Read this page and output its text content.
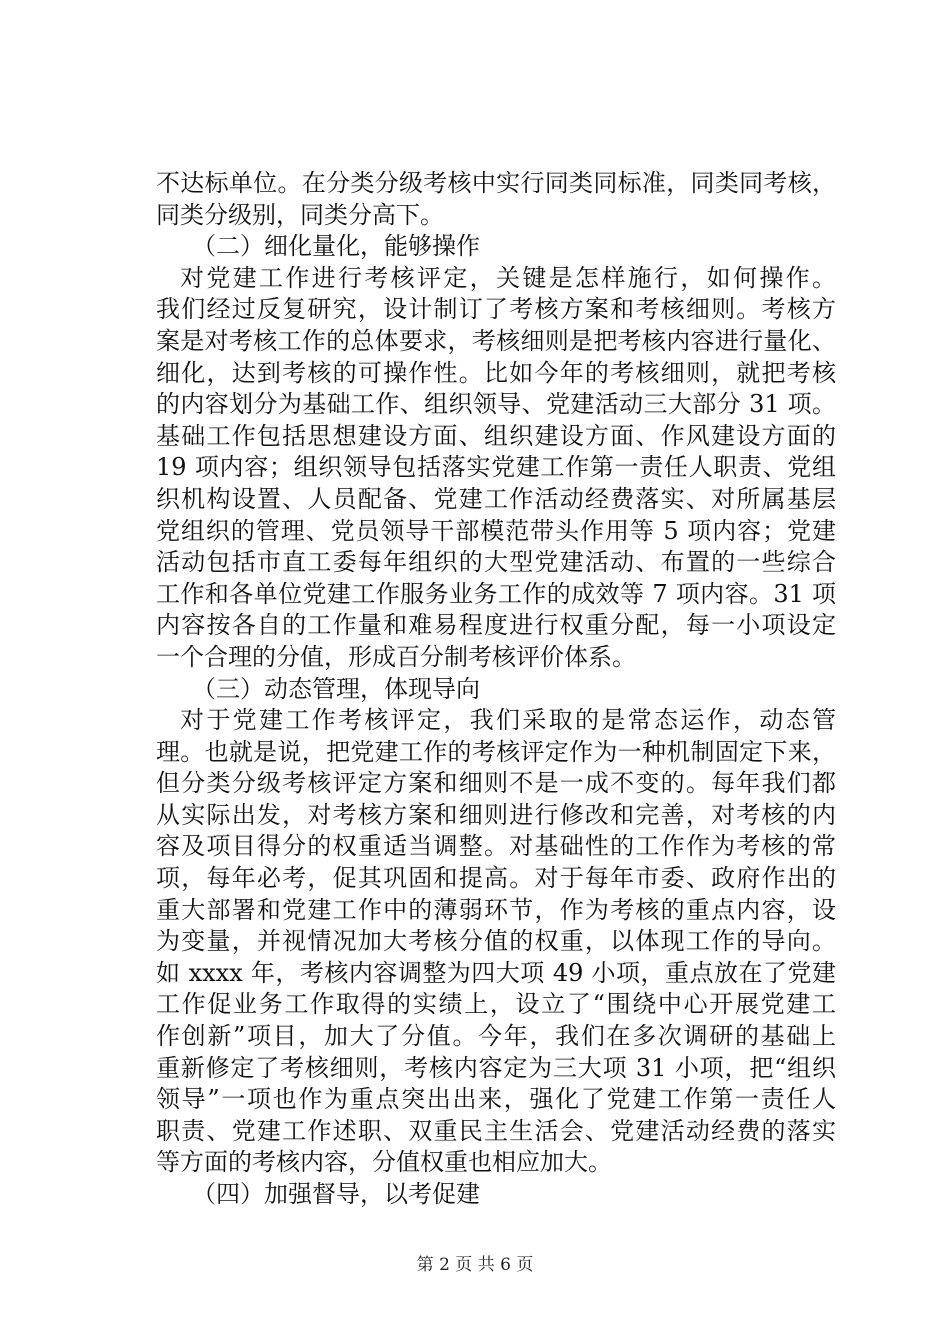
不达标单位。在分类分级考核中实行同类同标准，同类同考核，
同类分级别，同类分高下。
（二）细化量化，能够操作
对党建工作进行考核评定，关键是怎样施行，如何操作。
我们经过反复研究，设计制订了考核方案和考核细则。考核方
案是对考核工作的总体要求，考核细则是把考核内容进行量化、
细化，达到考核的可操作性。比如今年的考核细则，就把考核
的内容划分为基础工作、组织领导、党建活动三大部分 31 项。
基础工作包括思想建设方面、组织建设方面、作风建设方面的
19 项内容；组织领导包括落实党建工作第一责任人职责、党组
织机构设置、人员配备、党建工作活动经费落实、对所属基层
党组织的管理、党员领导干部模范带头作用等 5 项内容；党建
活动包括市直工委每年组织的大型党建活动、布置的一些综合
工作和各单位党建工作服务业务工作的成效等 7 项内容。31 项
内容按各自的工作量和难易程度进行权重分配，每一小项设定
一个合理的分值，形成百分制考核评价体系。
（三）动态管理，体现导向
对于党建工作考核评定，我们采取的是常态运作，动态管
理。也就是说，把党建工作的考核评定作为一种机制固定下来，
但分类分级考核评定方案和细则不是一成不变的。每年我们都
从实际出发，对考核方案和细则进行修改和完善，对考核的内
容及项目得分的权重适当调整。对基础性的工作作为考核的常
项，每年必考，促其巩固和提高。对于每年市委、政府作出的
重大部署和党建工作中的薄弱环节，作为考核的重点内容，设
为变量，并视情况加大考核分值的权重，以体现工作的导向。
如 xxxx 年，考核内容调整为四大项 49 小项，重点放在了党建
工作促业务工作取得的实绩上，设立了“围绕中心开展党建工
作创新”项目，加大了分值。今年，我们在多次调研的基础上
重新修定了考核细则，考核内容定为三大项 31 小项，把“组织
领导”一项也作为重点突出出来，强化了党建工作第一责任人
职责、党建工作述职、双重民主生活会、党建活动经费的落实
等方面的考核内容，分值权重也相应加大。
（四）加强督导，以考促建
第 2 页 共 6 页
